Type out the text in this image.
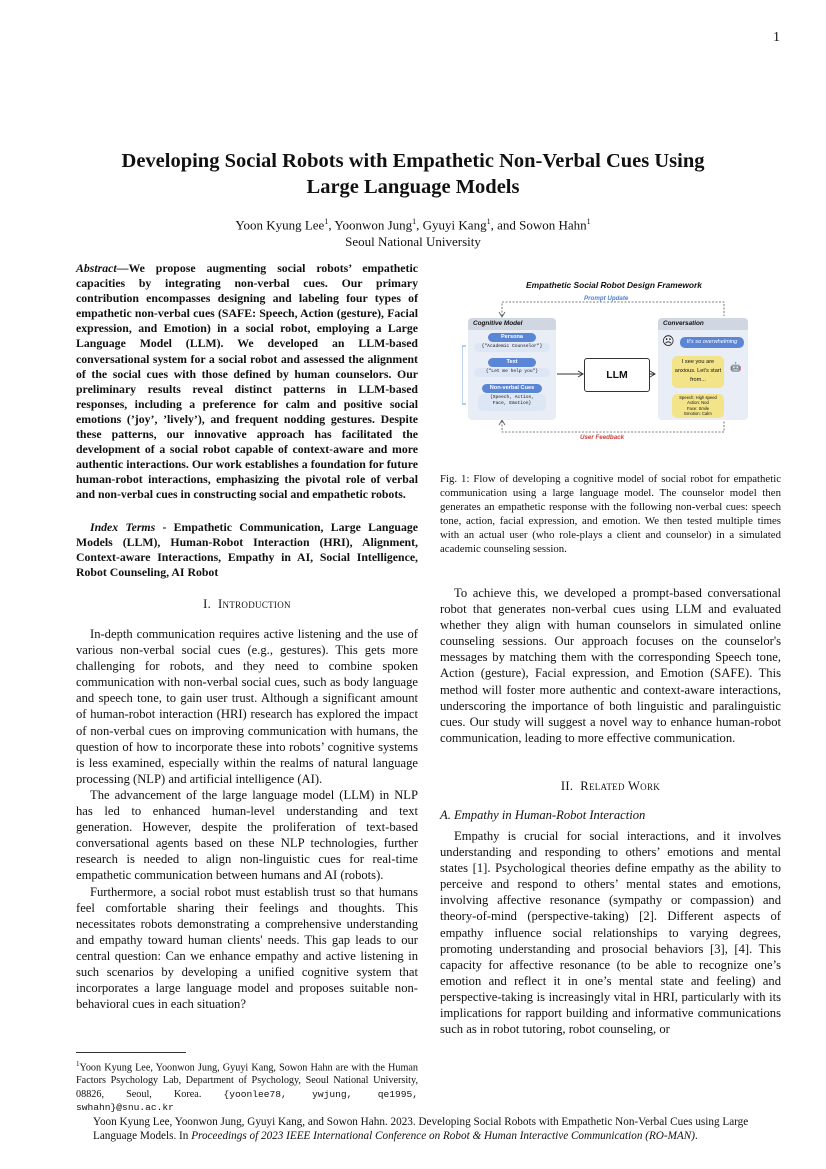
1
Developing Social Robots with Empathetic Non-Verbal Cues Using
Large Language Models
Yoon Kyung Lee$^1$, Yoonwon Jung$^1$, Gyuyi Kang$^1$, and Sowon Hahn$^1$
Seoul National University
Abstract—We propose augmenting social robots’ empathetic capacities by integrating non-verbal cues. Our primary contribution encompasses designing and labeling four types of empathetic non-verbal cues (SAFE: Speech, Action (gesture), Facial expression, and Emotion) in a social robot, employing a Large Language Model (LLM). We developed an LLM-based conversational system for a social robot and assessed the alignment of the social cues with those defined by human counselors. Our preliminary results reveal distinct patterns in LLM-based responses, including a preference for calm and positive social emotions (’joy’, ’lively’), and frequent nodding gestures. Despite these patterns, our innovative approach has facilitated the development of a social robot capable of context-aware and more authentic interactions. Our work establishes a foundation for future human-robot interactions, emphasizing the pivotal role of verbal and non-verbal cues in constructing social and empathetic robots.
Index Terms - Empathetic Communication, Large Language Models (LLM), Human-Robot Interaction (HRI), Alignment, Context-aware Interactions, Empathy in AI, Social Intelligence, Robot Counseling, AI Robot
I. Introduction

In-depth communication requires active listening and the use of various non-verbal social cues (e.g., gestures). This gets more challenging for robots, and they need to combine spoken communication with non-verbal social cues, such as body language and speech tone, to gain user trust. Although a significant amount of human-robot interaction (HRI) research has explored the impact of non-verbal cues on improving communication with humans, the question of how to incorporate these into robots’ cognitive systems is less examined, especially within the realms of natural language processing (NLP) and artificial intelligence (AI).

The advancement of the large language model (LLM) in NLP has led to enhanced human-level understanding and text generation. However, despite the proliferation of text-based conversational agents based on these NLP technologies, further research is needed to align non-linguistic cues for real-time empathetic communication between humans and AI (robots).

Furthermore, a social robot must establish trust so that humans feel comfortable sharing their feelings and thoughts. This necessitates robots demonstrating a comprehensive understanding and empathy toward human clients' needs. This gap leads to our central question: Can we enhance empathy and active listening in such scenarios by developing a unified cognitive system that incorporates a large language model and proposes suitable non-behavioral cues in each situation?

$^1$Yoon Kyung Lee, Yoonwon Jung, Gyuyi Kang, Sowon Hahn are with the Human Factors Psychology Lab, Department of Psychology, Seoul National University, 08826, Seoul, Korea. {yoonlee78, ywjung, qe1995, swhahn}@snu.ac.kr
Empathetic Social Robot Design Framework
Prompt Update
Cognitive Model
Persona
{"Academic Counselor"}
Text
{"Let me help you"}
Non-verbal Cues
{Speech, Action,
Face, Emotion}
LLM
Conversation
☹	It's so overwhelming
I see you are
anxious. Let's start
from...
🤖
Speech: High speed
Action: Nod
Face: Smile
Emotion: Calm
User Feedback
Fig. 1: Flow of developing a cognitive model of social robot for empathetic communication using a large language model. The counselor model then generates an empathetic response with the following non-verbal cues: speech tone, action, facial expression, and emotion. We then tested multiple times with an actual user (who role-plays a client and counselor) in a simulated academic counseling session.

To achieve this, we developed a prompt-based conversational robot that generates non-verbal cues using LLM and evaluated whether they align with human counselors in simulated online counseling sessions. Our approach focuses on the counselor's messages by matching them with the corresponding Speech tone, Action (gesture), Facial expression, and Emotion (SAFE). This method will foster more authentic and context-aware interactions, underscoring the importance of both linguistic and paralinguistic cues. Our study will suggest a novel way to enhance human-robot communication, leading to more effective communication.

II. Related Work
A. Empathy in Human-Robot Interaction

Empathy is crucial for social interactions, and it involves understanding and responding to others’ emotions and mental states [1]. Psychological theories define empathy as the ability to perceive and respond to others’ mental states and emotions, involving affective resonance (sympathy or compassion) and theory-of-mind (perspective-taking) [2]. Different aspects of empathy influence social relationships to varying degrees, promoting understanding and prosocial behaviors [3], [4]. This capacity for affective resonance (to be able to recognize one’s emotion and reflect it in one’s mental state and feeling) and perspective-taking is increasingly vital in HRI, particularly with its implications for rapport building and informative communications such as in robot tutoring, robot counseling, or

Yoon Kyung Lee, Yoonwon Jung, Gyuyi Kang, and Sowon Hahn. 2023. Developing Social Robots with Empathetic Non-Verbal Cues using Large Language Models. In Proceedings of 2023 IEEE International Conference on Robot & Human Interactive Communication (RO-MAN).
